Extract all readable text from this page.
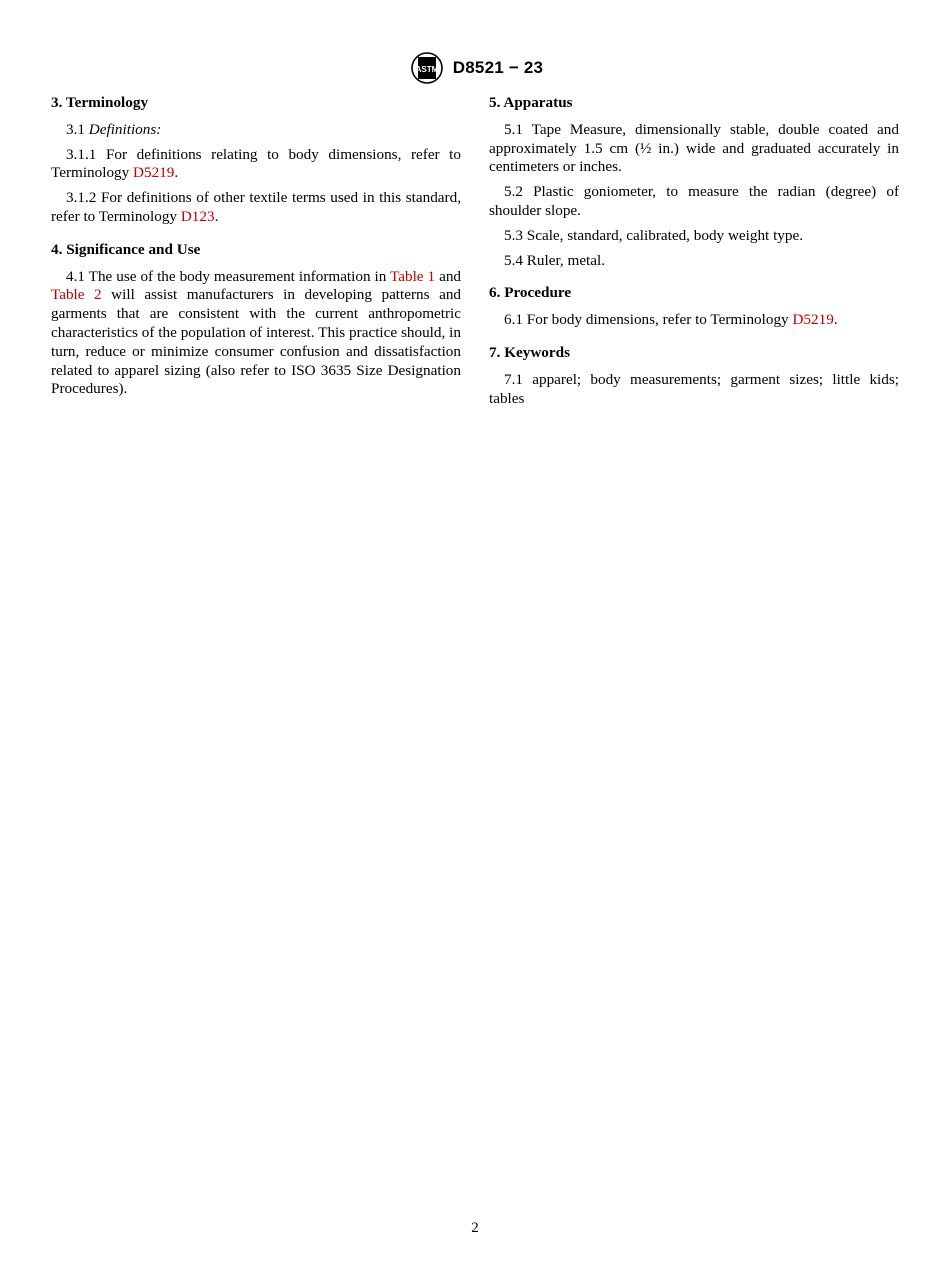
ASTM D8521 − 23
3. Terminology

3.1 Definitions:

3.1.1 For definitions relating to body dimensions, refer to Terminology D5219.

3.1.2 For definitions of other textile terms used in this standard, refer to Terminology D123.

4. Significance and Use

4.1 The use of the body measurement information in Table 1 and Table 2 will assist manufacturers in developing patterns and garments that are consistent with the current anthropometric characteristics of the population of interest. This practice should, in turn, reduce or minimize consumer confusion and dissatisfaction related to apparel sizing (also refer to ISO 3635 Size Designation Procedures).

5. Apparatus

5.1 Tape Measure, dimensionally stable, double coated and approximately 1.5 cm (½ in.) wide and graduated accurately in centimeters or inches.

5.2 Plastic goniometer, to measure the radian (degree) of shoulder slope.

5.3 Scale, standard, calibrated, body weight type.

5.4 Ruler, metal.

6. Procedure

6.1 For body dimensions, refer to Terminology D5219.

7. Keywords

7.1 apparel; body measurements; garment sizes; little kids; tables

2
